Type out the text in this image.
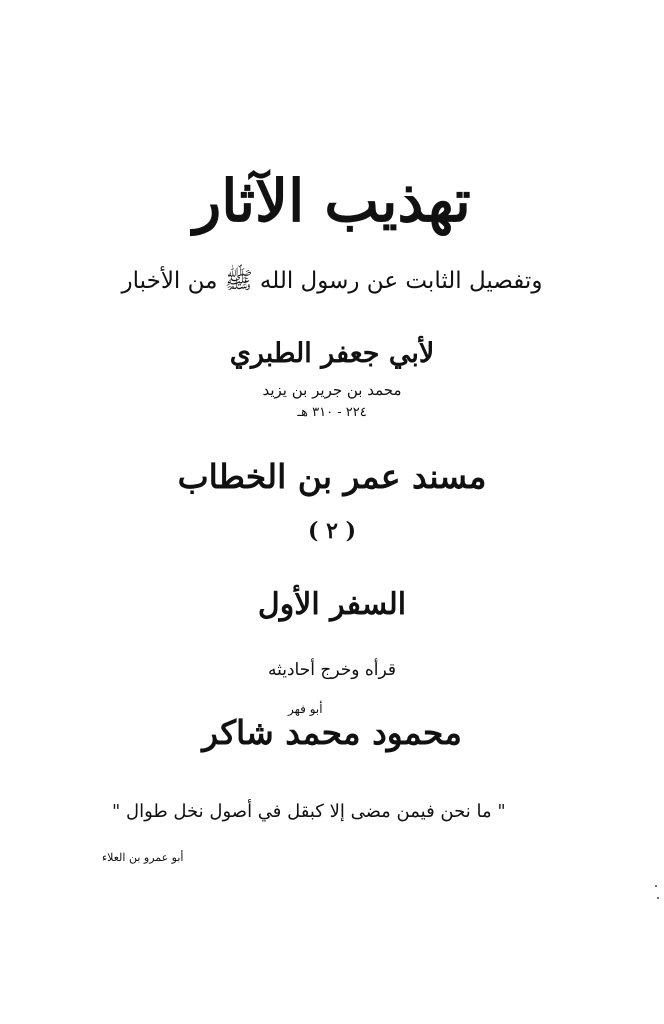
تهذيب الآثار
وتفصيل الثابت عن رسول الله ﷺ من الأخبار
لأبي جعفر الطبري
محمد بن جرير بن يزيد
٢٢٤ - ٣١٠ هـ
مسند عمر بن الخطاب
( ٢ )
السفر الأول
قرأه وخرج أحاديثه
أبو فهر
محمود محمد شاكر
" ما نحن فيمن مضى إلا كبقل في أصول نخل طوال "
أبو عمرو بن العلاء
